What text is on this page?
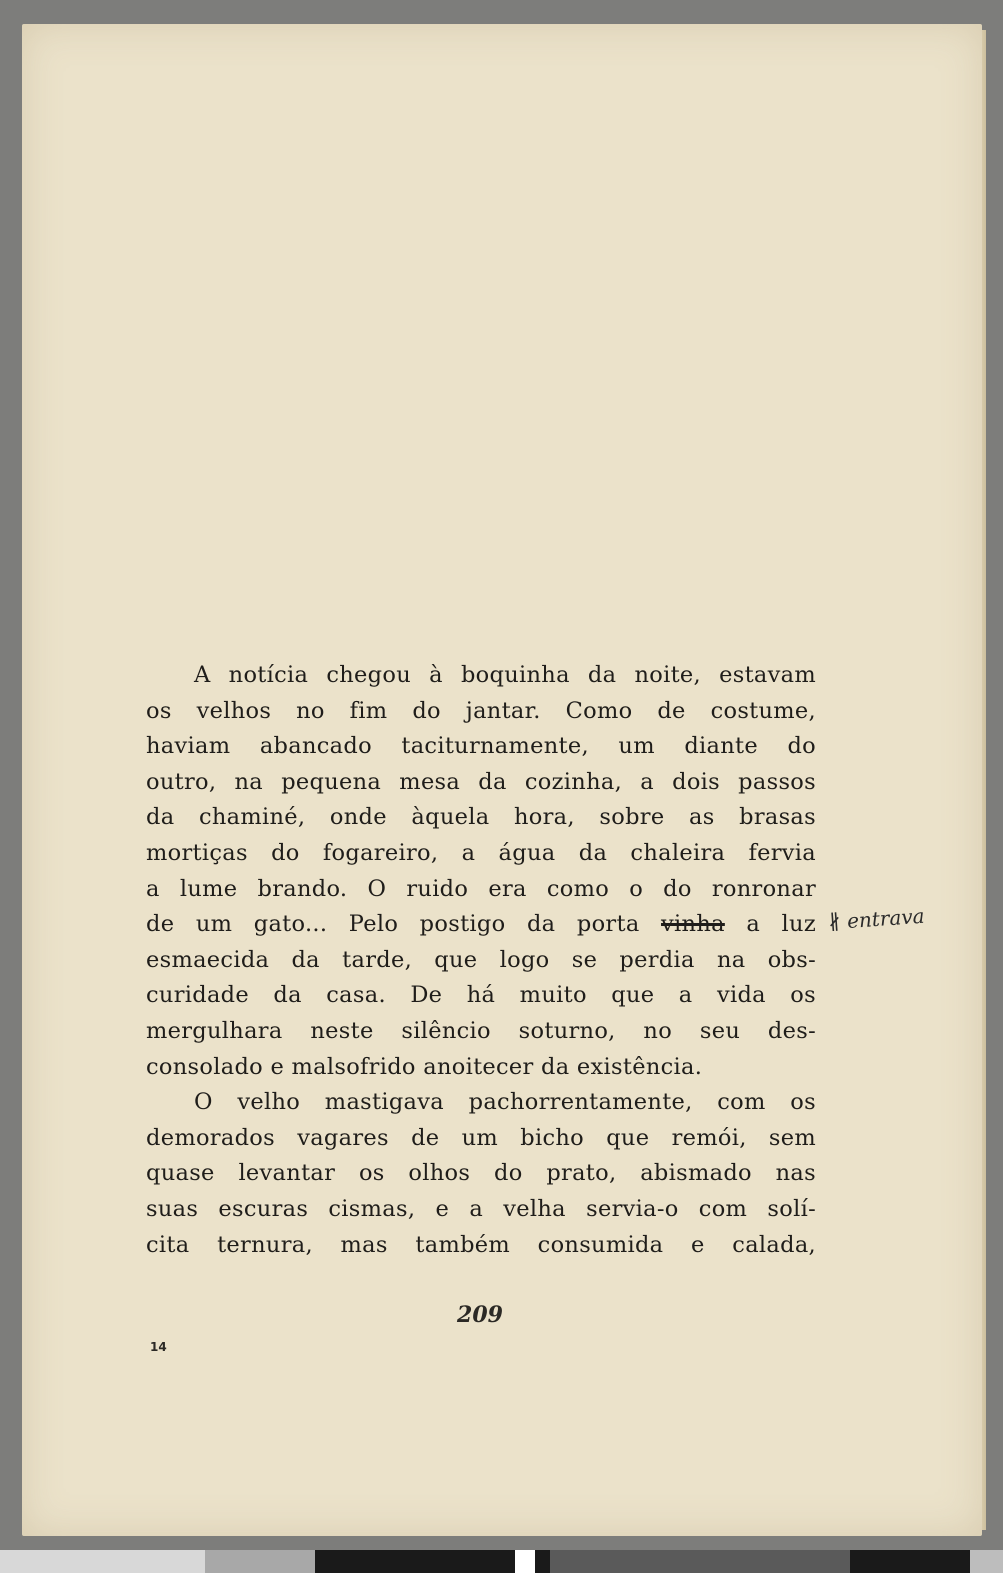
A notícia chegou à boquinha da noite, estavam
os velhos no fim do jantar. Como de costume,
haviam abancado taciturnamente, um diante do
outro, na pequena mesa da cozinha, a dois passos
da chaminé, onde àquela hora, sobre as brasas
mortiças do fogareiro, a água da chaleira fervia
a lume brando. O ruido era como o do ronronar
de um gato... Pelo postigo da porta vinha a luz
esmaecida da tarde, que logo se perdia na obs-
curidade da casa. De há muito que a vida os
mergulhara neste silêncio soturno, no seu des-
consolado e malsofrido anoitecer da existência.
O velho mastigava pachorrentamente, com os
demorados vagares de um bicho que remói, sem
quase levantar os olhos do prato, abismado nas
suas escuras cismas, e a velha servia-o com solí-
cita ternura, mas também consumida e calada,
∦ entrava
209
14
